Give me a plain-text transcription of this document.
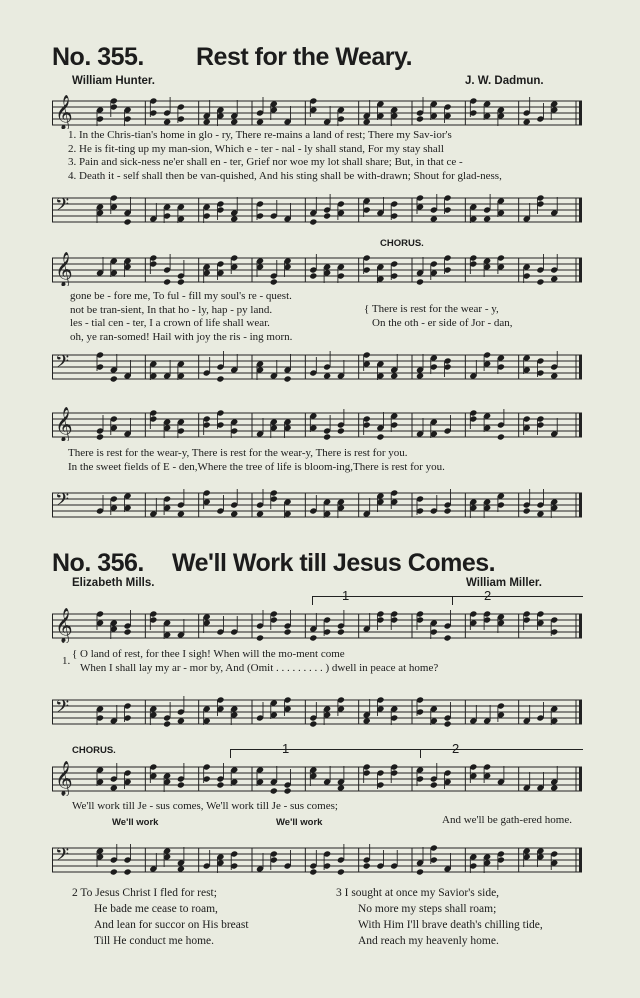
No. 355. Rest for the Weary.
William Hunter.	J. W. Dadmun.
𝄞
1. In the Chris-tian's home in glo - ry, There re-mains a land of rest; There my Sav-ior's
2. He is fit-ting up my man-sion, Which e - ter - nal - ly shall stand, For my stay shall
3. Pain and sick-ness ne'er shall en - ter, Grief nor woe my lot shall share; But, in that ce -
4. Death it - self shall then be van-quished, And his sting shall be with-drawn; Shout for glad-ness,
𝄢
CHORUS.
𝄞
gone be - fore me, To ful - fill my soul's re - quest.
not be tran-sient, In that ho - ly, hap - py land.
les - tial cen - ter, I a crown of life shall wear.
oh, ye ran-somed! Hail with joy the ris - ing morn.
{ There is rest for the wear - y,
On the oth - er side of Jor - dan,
𝄢
𝄞
There is rest for the wear-y, There is rest for the wear-y, There is rest for you.
In the sweet fields of E - den,Where the tree of life is bloom-ing,There is rest for you.
𝄢
No. 356. We'll Work till Jesus Comes.
Elizabeth Mills.	William Miller.
1	2
𝄞
1.
{ O land of rest, for thee I sigh! When will the mo-ment come
When I shall lay my ar - mor by, And (Omit . . . . . . . . . ) dwell in peace at home?
𝄢
CHORUS.	1	2
𝄞
We'll work till Je - sus comes, We'll work till Je - sus comes;
And we'll be gath-ered home.
We'll work	We'll work
𝄢
2 To Jesus Christ I fled for rest;
He bade me cease to roam,
And lean for succor on His breast
Till He conduct me home.
3 I sought at once my Savior's side,
No more my steps shall roam;
With Him I'll brave death's chilling tide,
And reach my heavenly home.
